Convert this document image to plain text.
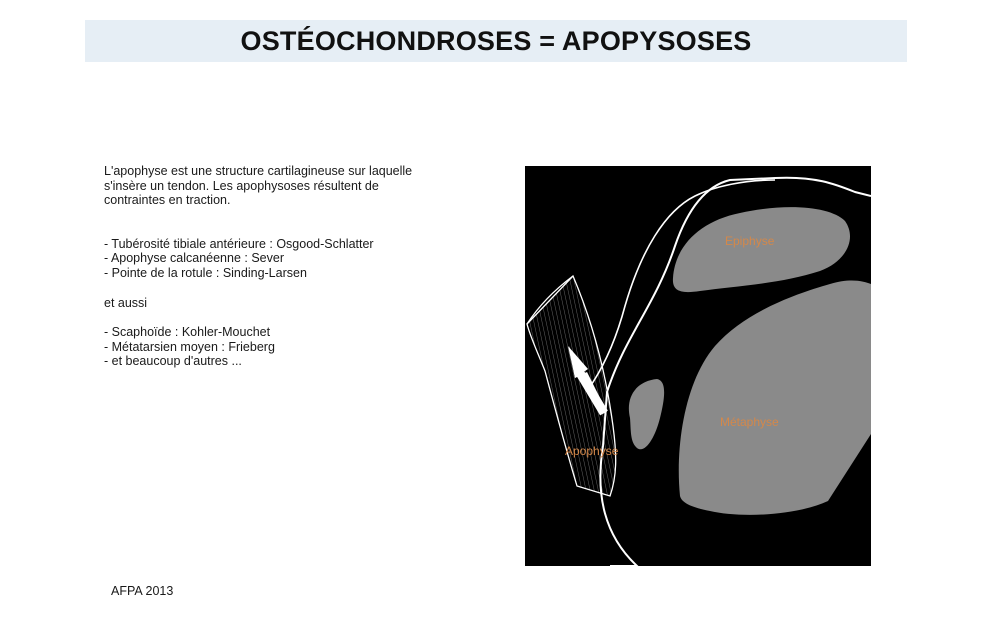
OSTÉOCHONDROSES = APOPYSOSES

L'apophyse est une structure cartilagineuse sur laquelle

s'insère un tendon. Les apophysoses résultent de

contraintes en traction.

- Tubérosité tibiale antérieure : Osgood-Schlatter

- Apophyse calcanéenne : Sever

- Pointe de la rotule : Sinding-Larsen

et aussi

- Scaphoïde : Kohler-Mouchet

- Métatarsien moyen : Frieberg

- et beaucoup d'autres ...

Epiphyse
Métaphyse
Apophyse
AFPA 2013
